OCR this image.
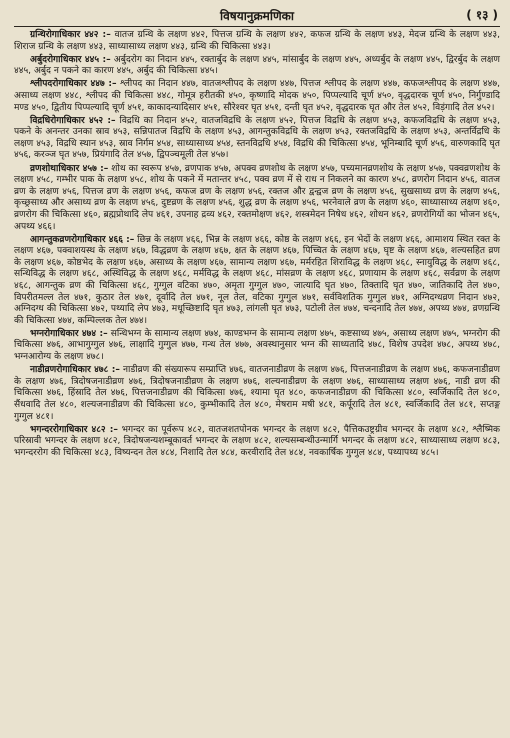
विषयानुक्रमणिका	( १३ )

ग्रन्थिरोगाधिकार ४४२ :– वातज ग्रन्थि के लक्षण ४४२, पित्तज ग्रन्थि के लक्षण ४४२, कफज ग्रन्थि के लक्षण ४४३, मेदज ग्रन्थि के लक्षण ४४३, शिराज ग्रन्थि के लक्षण ४४३, साध्यासाध्य लक्षण ४४३, ग्रन्थि की चिकित्सा ४४३।

अर्बुदरोगाधिकार ४४५ :– अर्बुदरोग का निदान ४४५, रक्तार्बुद के लक्षण ४४५, मांसार्बुद के लक्षण ४४५, अध्यर्बुद के लक्षण ४४५, द्विरर्बुद के लक्षण ४४५, अर्बुद न पकने का कारण ४४५, अर्बुद की चिकित्सा ४४५।

श्लीपदरोगाधिकार ४४७ :– श्लीपद का निदान ४४७, वातजश्लीपद के लक्षण ४४७, पित्तज श्लीपद के लक्षण ४४७, कफजश्लीपद के लक्षण ४४७, असाध्य लक्षण ४४८, श्लीपद की चिकित्सा ४४८, गोमूत्र हरीतकी ४५०, कृष्णादि मोदक ४५०, पिप्पल्यादि चूर्ण ४५०, वृद्धदारक चूर्ण ४५०, निर्गुण्डादि मण्ड ४५०, द्वितीय पिप्पल्यादि चूर्ण ४५१, काकादन्यादिसार ४५१, सौरेश्वर घृत ४५१, दन्ती घृत ४५२, वृद्धदारक घृत और तेल ४५२, विड़ंगादि तेल ४५२।

विद्रधिरोगाधिकार ४५२ :– विद्रधि का निदान ४५२, वातजविद्रधि के लक्षण ४५२, पित्तज विद्रधि के लक्षण ४५३, कफजविद्रधि के लक्षण ४५३, पकने के अनन्तर उनका स्राव ४५३, सन्निपातज विद्रधि के लक्षण ४५३, आगन्तुकविद्रधि के लक्षण ४५३, रक्तजविद्रधि के लक्षण ४५३, अन्तर्विद्रधि के लक्षण ४५३, विद्रधि स्थान ४५३, स्राव निर्गम ४५४, साध्यासाध्य ४५४, स्तनविद्रधि ४५४, विद्रधि की चिकित्सा ४५४, भूनिम्बादि चूर्ण ४५६, वारुणकादि घृत ४५६, करञ्ज घृत ४५७, प्रियंगादि तेल ४५७, द्विपञ्चमूली तेल ४५७।

व्रणशोथाधिकार ४५७ :– शोथ का स्वरूप ४५७, व्रणपाक ४५७, अपक्व व्रणशोथ के लक्षण ४५७, पच्यमानव्रणशोथ के लक्षण ४५७, पक्वव्रणशोथ के लक्षण ४५८, गम्भीर पाक के लक्षण ४५८, शोथ के पकने में मतान्तर ४५८, पक्व व्रण में से राध न निकलने का कारण ४५८, व्रणरोग निदान ४५६, वातज व्रण के लक्षण ४५६, पित्तज व्रण के लक्षण ४५६, कफज व्रण के लक्षण ४५६, रक्तज और द्वन्द्वज व्रण के लक्षण ४५६, सुखसाध्य व्रण के लक्षण ४५६, कृच्छ्रसाध्य और असाध्य व्रण के लक्षण ४५६, दुष्टव्रण के लक्षण ४५६, शुद्ध व्रण के लक्षण ४५६, भरनेवाले व्रण के लक्षण ४६०, साध्यासाध्य लक्षण ४६०, व्रणरोग की चिकित्सा ४६०, ब्रह्मप्रोथादि लेप ४६१, उपनाह द्रव्य ४६२, रक्तमोक्षण ४६२, शस्त्रमेदन निषेध ४६२, शोधन ४६२, व्रणरोगियों का भोजन ४६५, अपथ्य ४६६।

आगन्तुकव्रणरोगाधिकार ४६६ :– छिन्न के लक्षण ४६६, भिन्न के लक्षण ४६६, कोष्ठ के लक्षण ४६६, इन भेदों के लक्षण ४६६, आमाशय स्थित रक्त के लक्षण ४६७, पक्वाशयस्थ के लक्षण ४६७, विद्धव्रण के लक्षण ४६७, क्षत के लक्षण ४६७, पिच्चित के लक्षण ४६७, घृष्ट के लक्षण ४६७, शल्यसहित व्रण के लक्षण ४६७, कोष्ठभेद के लक्षण ४६७, असाध्य के लक्षण ४६७, सामान्य लक्षण ४६७, मर्मरहित शिराविद्ध के लक्षण ४६८, स्नायुविद्ध के लक्षण ४६८, सन्धिविद्ध के लक्षण ४६८, अस्थिविद्ध के लक्षण ४६८, मर्मविद्ध के लक्षण ४६८, मांसव्रण के लक्षण ४६८, प्रणायाम के लक्षण ४६८, सर्वव्रण के लक्षण ४६८, आगन्तुक व्रण की चिकित्सा ४६८, गुग्गुल वटिका ४७०, अमृता गुग्गुल ४७०, जात्यादि घृत ४७०, तिक्तादि घृत ४७०, जातिकादि तेल ४७०, विपरीतमल्ल तेल ४७१, कुठार तेल ४७१, दूर्वादि तेल ४७१, नूल तेल, वटिका गुग्गुल ४७१, सर्वविशतिक गुग्गुल ४७१, अग्निदग्धव्रण निदान ४७२, अग्निदग्ध की चिकित्सा ४७२, पथ्यादि लेप ४७३, मधूच्छिष्टादि घृत ४७३, लांगली घृत ४७३, पटोली तेल ४७४, चन्दनादि तेल ४७४, अपथ्य ४७४, व्रणग्रन्थि की चिकित्सा ४७४, कम्पिल्लक तेल ४७४।

भग्नरोगाधिकार ४७४ :– सन्धिभग्न के सामान्य लक्षण ४७४, काण्डभग्न के सामान्य लक्षण ४७५, कष्टसाध्य ४७५, असाध्य लक्षण ४७५, भग्नरोग की चिकित्सा ४७६, आभागुग्गुल ४७६, लाक्षादि गुग्गुल ४७७, गन्ध तेल ४७७, अवस्थानुसार भग्न की साध्यतादि ४७८, विशेष उपदेश ४७८, अपथ्य ४७८, भग्नआरोग्य के लक्षण ४७८।

नाडीव्रणरोगाधिकार ४७८ :– नाडीव्रण की संख्यारूप सम्प्राप्ति ४७६, वातजनाडीव्रण के लक्षण ४७६, पित्तजनाडीव्रण के लक्षण ४७६, कफजनाडीव्रण के लक्षण ४७६, त्रिदोषजनाडीव्रण ४७६, त्रिदोषजनाडीव्रण के लक्षण ४७६, शल्यनाडीव्रण के लक्षण ४७६, साध्यासाध्य लक्षण ४७६, नाडी व्रण की चिकित्सा ४७६, हिंस्रादि तेल ४७६, पित्तजनाडीव्रण की चिकित्सा ४७६, श्यामा घृत ४८०, कफजनाडीव्रण की चिकित्सा ४८०, स्वर्जिकादि तेल ४८०, सैंधवादि तेल ४८०, शल्यजनाडीव्रण की चिकित्सा ४८०, कुम्भीकादि तेल ४८०, मेषराम मषी ४८१, कर्पूरादि तेल ४८१, स्वर्जिकादि तेल ४८१, सप्तङ्ग गुग्गुल ४८१।

भगन्दररोगाधिकार ४८२ :– भगन्दर का पूर्वरूप ४८२, वातजशतपोनक भगन्दर के लक्षण ४८२, पैत्तिकउष्ट्रग्रीव भगन्दर के लक्षण ४८२, श्लैष्मिक परिस्रावी भगन्दर के लक्षण ४८२, त्रिदोषजन्यशम्बूकावर्त भगन्दर के लक्षण ४८२, शल्यसम्बन्धीउन्मार्गि भगन्दर के लक्षण ४८२, साध्यासाध्य लक्षण ४८३, भगन्दररोग की चिकित्सा ४८३, विष्यन्दन तेल ४८४, निशादि तेल ४८४, करवीरादि तेल ४८४, नवकार्षिक गुग्गुल ४८४, पथ्यापथ्य ४८५।
